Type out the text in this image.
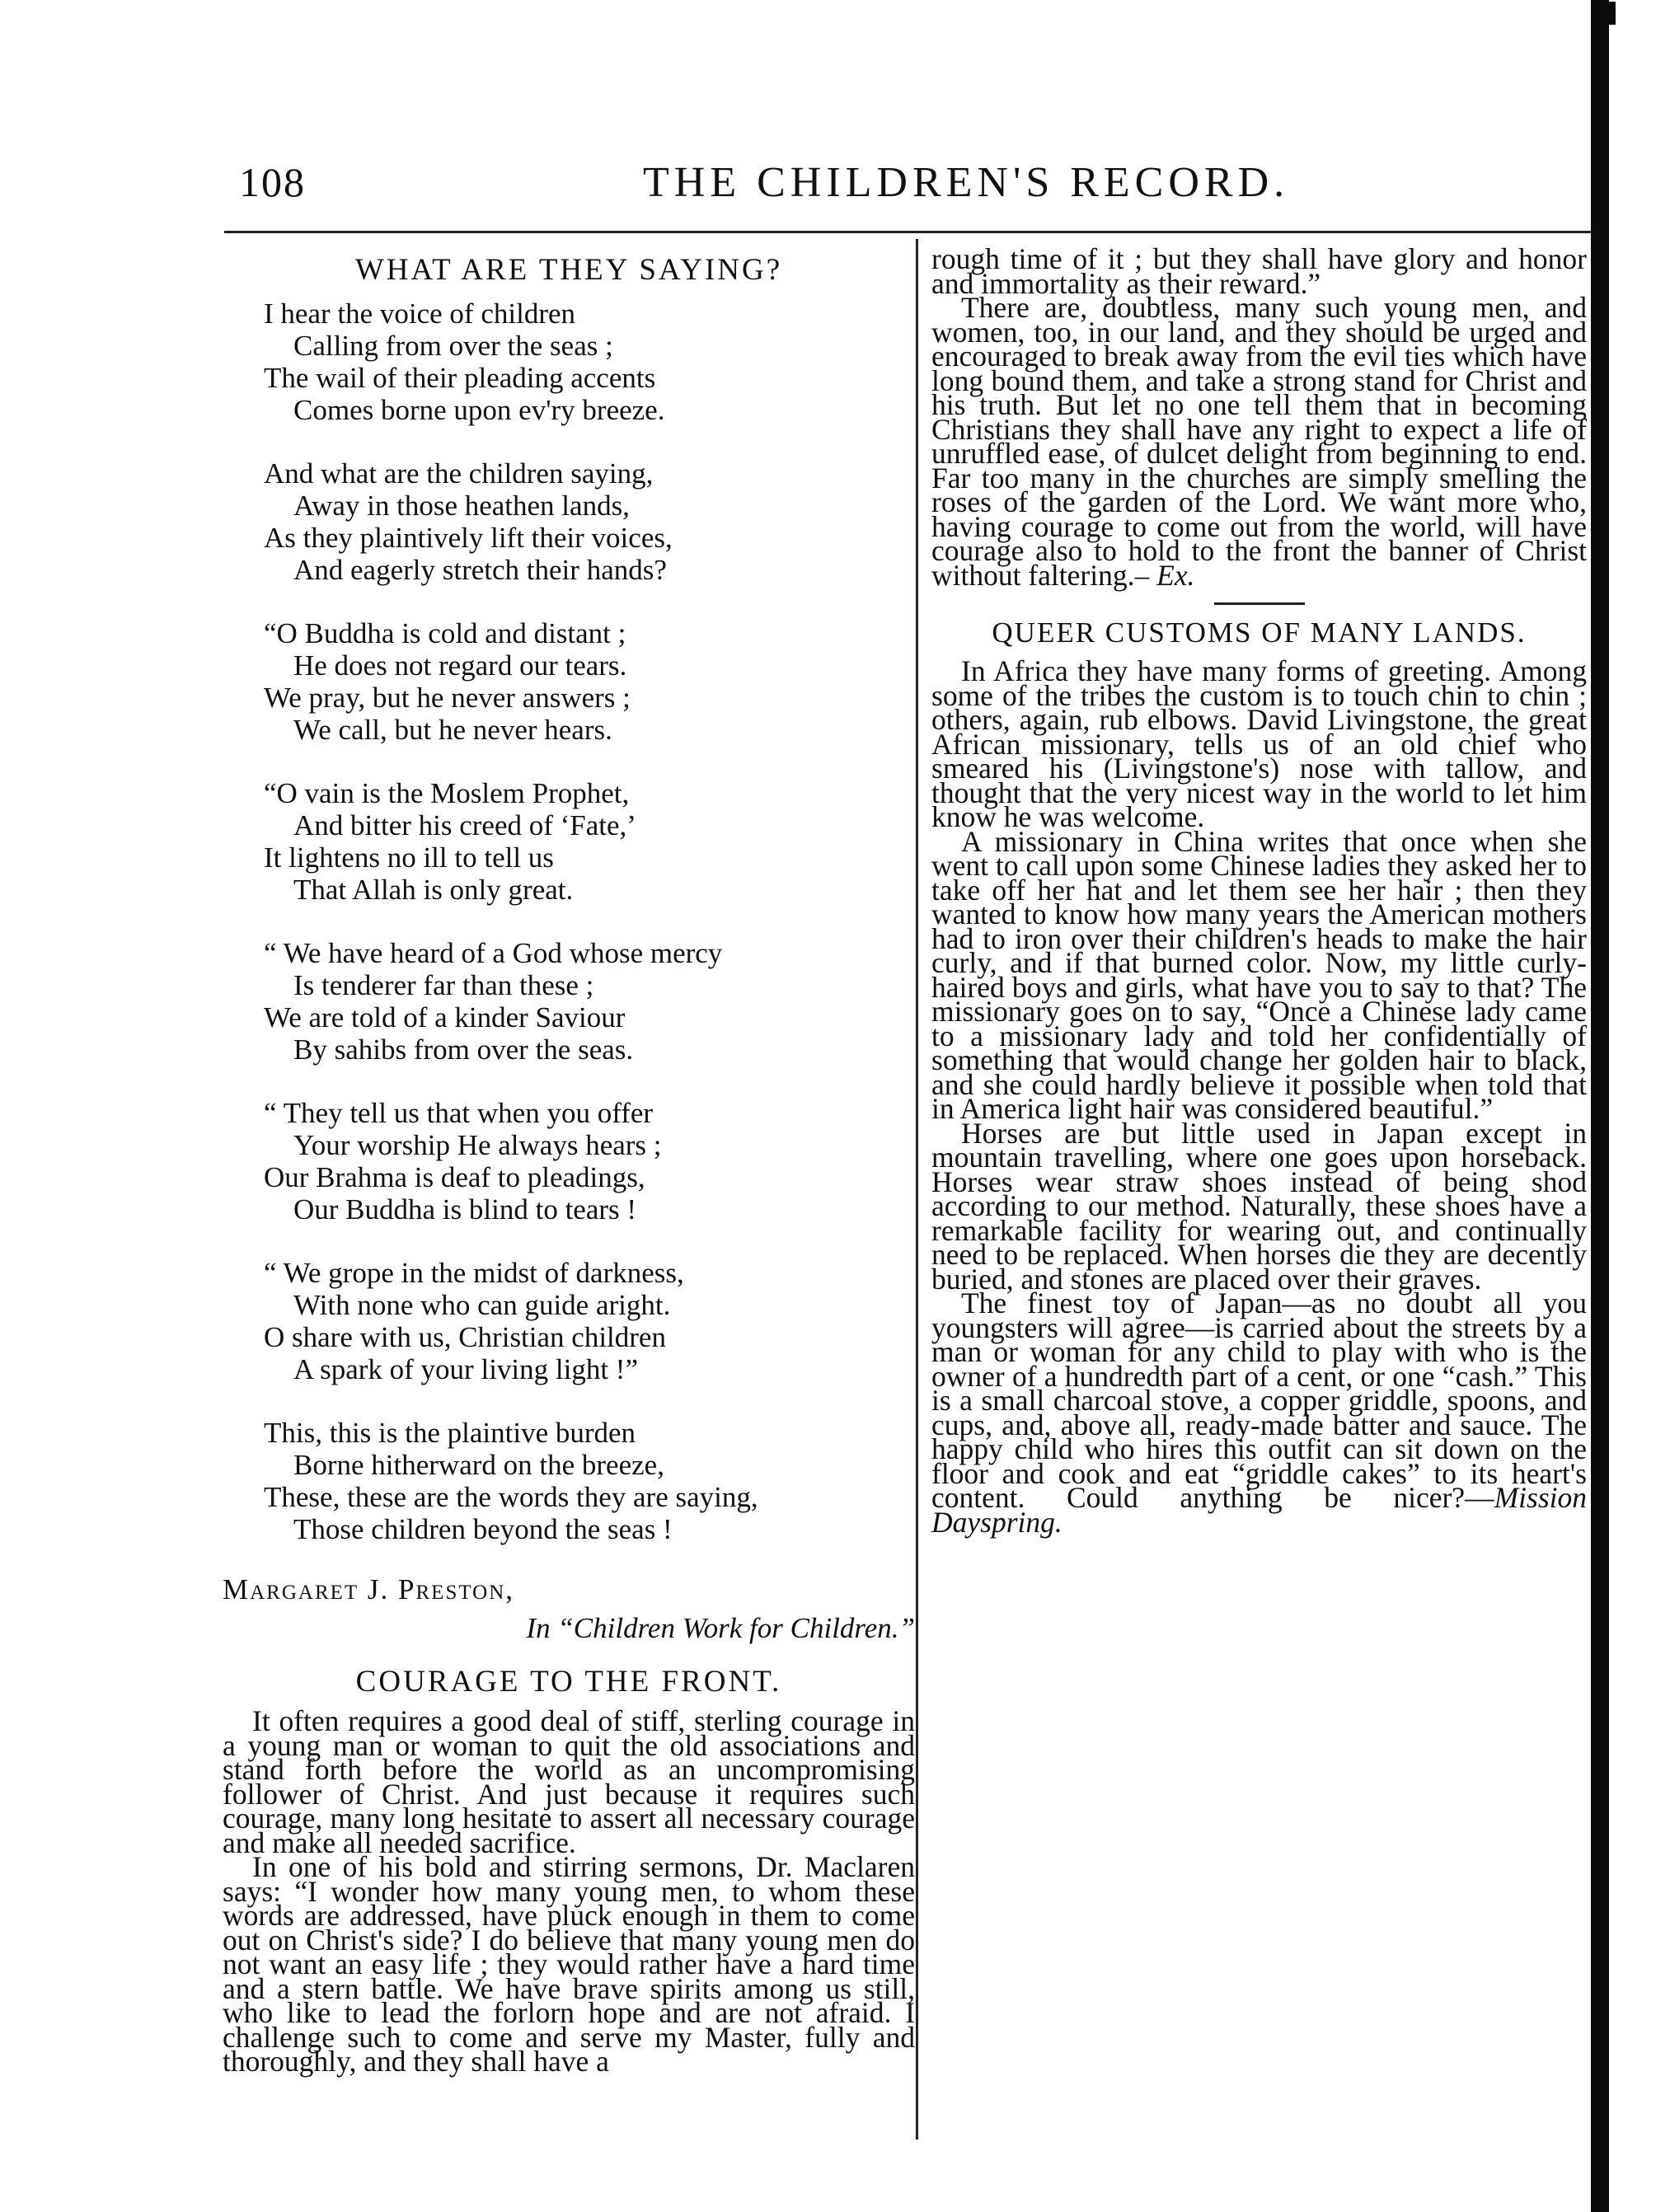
108	THE CHILDREN'S RECORD.
WHAT ARE THEY SAYING?
I hear the voice of children
Calling from over the seas ;
The wail of their pleading accents
Comes borne upon ev'ry breeze.
And what are the children saying,
Away in those heathen lands,
As they plaintively lift their voices,
And eagerly stretch their hands?
“O Buddha is cold and distant ;
He does not regard our tears.
We pray, but he never answers ;
We call, but he never hears.
“O vain is the Moslem Prophet,
And bitter his creed of ‘Fate,’
It lightens no ill to tell us
That Allah is only great.
“ We have heard of a God whose mercy
Is tenderer far than these ;
We are told of a kinder Saviour
By sahibs from over the seas.
“ They tell us that when you offer
Your worship He always hears ;
Our Brahma is deaf to pleadings,
Our Buddha is blind to tears !
“ We grope in the midst of darkness,
With none who can guide aright.
O share with us, Christian children
A spark of your living light !”
This, this is the plaintive burden
Borne hitherward on the breeze,
These, these are the words they are saying,
Those children beyond the seas !
Margaret J. Preston,
In “Children Work for Children.”
COURAGE TO THE FRONT.

It often requires a good deal of stiff, sterling courage in a young man or woman to quit the old associations and stand forth before the world as an uncompromising follower of Christ. And just because it requires such courage, many long hesitate to assert all necessary courage and make all needed sacrifice.

In one of his bold and stirring sermons, Dr. Maclaren says: “I wonder how many young men, to whom these words are addressed, have pluck enough in them to come out on Christ's side? I do believe that many young men do not want an easy life ; they would rather have a hard time and a stern battle. We have brave spirits among us still, who like to lead the forlorn hope and are not afraid. I challenge such to come and serve my Master, fully and thoroughly, and they shall have a

rough time of it ; but they shall have glory and honor and immortality as their reward.”

There are, doubtless, many such young men, and women, too, in our land, and they should be urged and encouraged to break away from the evil ties which have long bound them, and take a strong stand for Christ and his truth. But let no one tell them that in becoming Christians they shall have any right to expect a life of unruffled ease, of dulcet delight from beginning to end. Far too many in the churches are simply smelling the roses of the garden of the Lord. We want more who, having courage to come out from the world, will have courage also to hold to the front the banner of Christ without faltering.– Ex.

QUEER CUSTOMS OF MANY LANDS.

In Africa they have many forms of greeting. Among some of the tribes the custom is to touch chin to chin ; others, again, rub elbows. David Livingstone, the great African missionary, tells us of an old chief who smeared his (Livingstone's) nose with tallow, and thought that the very nicest way in the world to let him know he was welcome.

A missionary in China writes that once when she went to call upon some Chinese ladies they asked her to take off her hat and let them see her hair ; then they wanted to know how many years the American mothers had to iron over their children's heads to make the hair curly, and if that burned color. Now, my little curly-haired boys and girls, what have you to say to that? The missionary goes on to say, “Once a Chinese lady came to a missionary lady and told her confidentially of something that would change her golden hair to black, and she could hardly believe it possible when told that in America light hair was considered beautiful.”

Horses are but little used in Japan except in mountain travelling, where one goes upon horseback. Horses wear straw shoes instead of being shod according to our method. Naturally, these shoes have a remarkable facility for wearing out, and continually need to be replaced. When horses die they are decently buried, and stones are placed over their graves.

The finest toy of Japan—as no doubt all you youngsters will agree—is carried about the streets by a man or woman for any child to play with who is the owner of a hundredth part of a cent, or one “cash.” This is a small charcoal stove, a copper griddle, spoons, and cups, and, above all, ready-made batter and sauce. The happy child who hires this outfit can sit down on the floor and cook and eat “griddle cakes” to its heart's content. Could anything be nicer?—Mission Dayspring.
